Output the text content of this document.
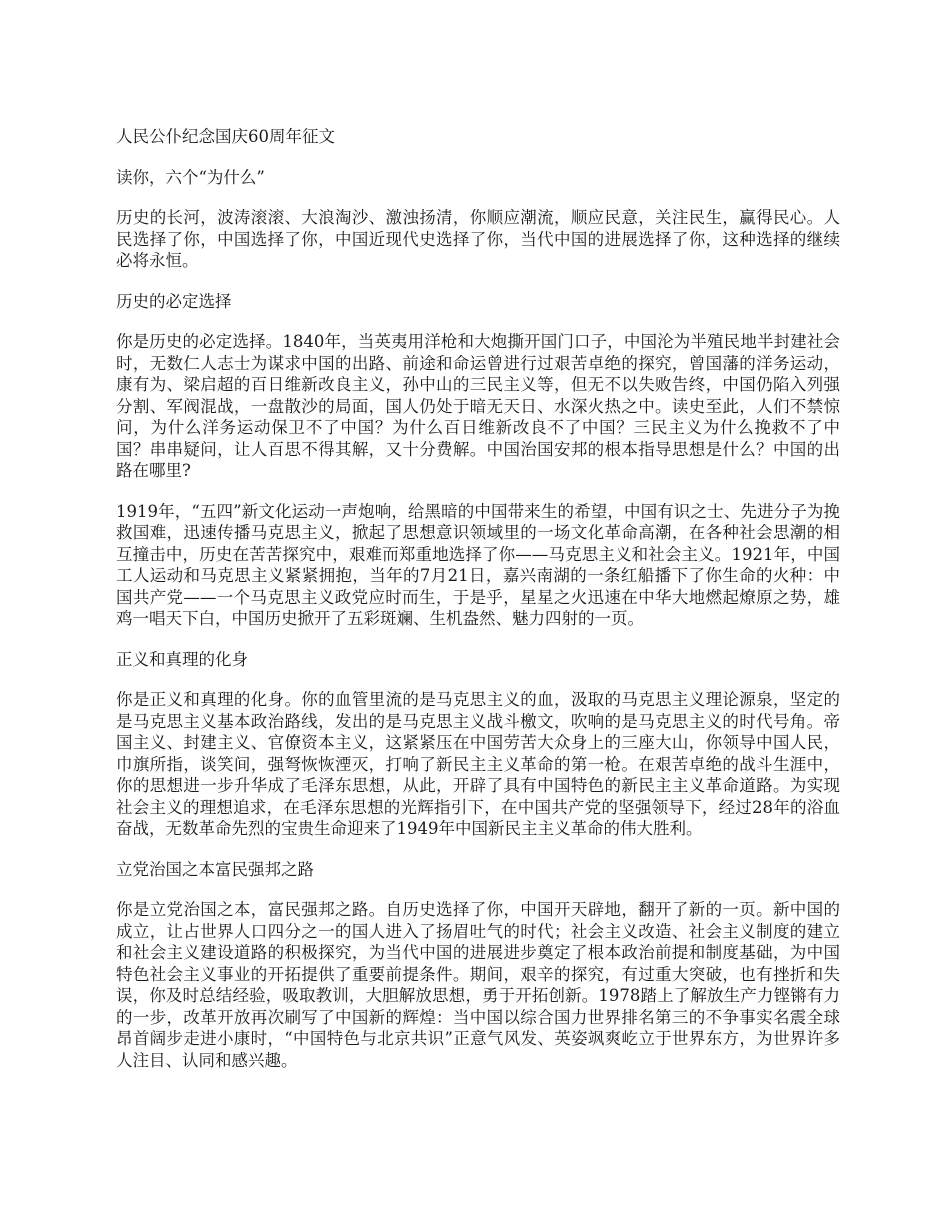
人民公仆纪念国庆60周年征文
读你，六个“为什么”

历史的长河，波涛滚滚、大浪淘沙、激浊扬清，你顺应潮流，顺应民意，关注民生，赢得民心。人民选择了你，中国选择了你，中国近现代史选择了你，当代中国的进展选择了你，这种选择的继续必将永恒。

历史的必定选择

你是历史的必定选择。1840年，当英夷用洋枪和大炮撕开国门口子，中国沦为半殖民地半封建社会时，无数仁人志士为谋求中国的出路、前途和命运曾进行过艰苦卓绝的探究，曾国藩的洋务运动，康有为、梁启超的百日维新改良主义，孙中山的三民主义等，但无不以失败告终，中国仍陷入列强分割、军阀混战，一盘散沙的局面，国人仍处于暗无天日、水深火热之中。读史至此，人们不禁惊问，为什么洋务运动保卫不了中国？为什么百日维新改良不了中国？三民主义为什么挽救不了中国？串串疑问，让人百思不得其解，又十分费解。中国治国安邦的根本指导思想是什么？中国的出路在哪里?

1919年，“五四”新文化运动一声炮响，给黑暗的中国带来生的希望，中国有识之士、先进分子为挽救国难，迅速传播马克思主义，掀起了思想意识领域里的一场文化革命高潮，在各种社会思潮的相互撞击中，历史在苦苦探究中，艰难而郑重地选择了你——马克思主义和社会主义。1921年，中国工人运动和马克思主义紧紧拥抱，当年的7月21日，嘉兴南湖的一条红船播下了你生命的火种：中国共产党——一个马克思主义政党应时而生，于是乎，星星之火迅速在中华大地燃起燎原之势，雄鸡一唱天下白，中国历史掀开了五彩斑斓、生机盎然、魅力四射的一页。

正义和真理的化身

你是正义和真理的化身。你的血管里流的是马克思主义的血，汲取的马克思主义理论源泉，坚定的是马克思主义基本政治路线，发出的是马克思主义战斗檄文，吹响的是马克思主义的时代号角。帝国主义、封建主义、官僚资本主义，这紧紧压在中国劳苦大众身上的三座大山，你领导中国人民，巾旗所指，谈笑间，强弩恢恢湮灭，打响了新民主主义革命的第一枪。在艰苦卓绝的战斗生涯中，你的思想进一步升华成了毛泽东思想，从此，开辟了具有中国特色的新民主主义革命道路。为实现社会主义的理想追求，在毛泽东思想的光辉指引下，在中国共产党的坚强领导下，经过28年的浴血奋战，无数革命先烈的宝贵生命迎来了1949年中国新民主主义革命的伟大胜利。

立党治国之本富民强邦之路

你是立党治国之本，富民强邦之路。自历史选择了你，中国开天辟地，翻开了新的一页。新中国的成立，让占世界人口四分之一的国人进入了扬眉吐气的时代；社会主义改造、社会主义制度的建立和社会主义建设道路的积极探究，为当代中国的进展进步奠定了根本政治前提和制度基础，为中国特色社会主义事业的开拓提供了重要前提条件。期间，艰辛的探究，有过重大突破，也有挫折和失误，你及时总结经验，吸取教训，大胆解放思想，勇于开拓创新。1978踏上了解放生产力铿锵有力的一步，改革开放再次刷写了中国新的辉煌：当中国以综合国力世界排名第三的不争事实名震全球昂首阔步走进小康时，“中国特色与北京共识”正意气风发、英姿飒爽屹立于世界东方，为世界许多人注目、认同和感兴趣。
